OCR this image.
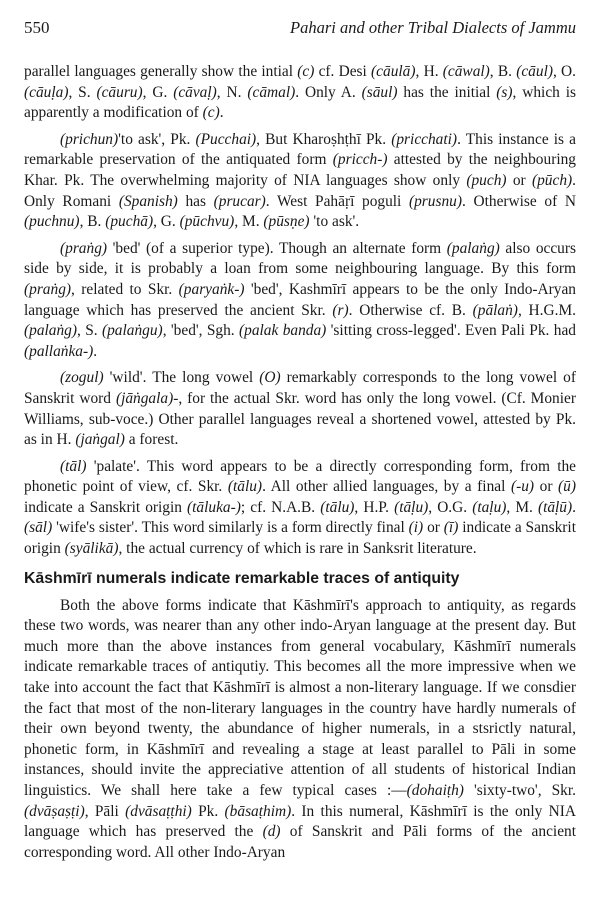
550	Pahari and other Tribal Dialects of Jammu

parallel languages generally show the intial (c) cf. Desi (cāulā), H. (cāwal), B. (cāul), O. (cāuḷa), S. (cāuru), G. (cāvaḷ), N. (cāmal). Only A. (sāul) has the initial (s), which is apparently a modification of (c).

(prichun)'to ask', Pk. (Pucchai), But Kharoṣhṭhī Pk. (pricchati). This instance is a remarkable preservation of the antiquated form (pricch-) attested by the neighbouring Khar. Pk. The overwhelming majority of NIA languages show only (puch) or (pūch). Only Romani (Spanish) has (prucar). West Pahāṛī poguli (prusnu). Otherwise of N (puchnu), B. (puchā), G. (pūchvu), M. (pūsṇe) 'to ask'.

(praṅg) 'bed' (of a superior type). Though an alternate form (palaṅg) also occurs side by side, it is probably a loan from some neighbouring language. By this form (praṅg), related to Skr. (paryaṅk-) 'bed', Kashmīrī appears to be the only Indo-Aryan language which has preserved the ancient Skr. (r). Otherwise cf. B. (pālaṅ), H.G.M. (palaṅg), S. (palaṅgu), 'bed', Sgh. (palak banda) 'sitting cross-legged'. Even Pali Pk. had (pallaṅka-).

(zogul) 'wild'. The long vowel (O) remarkably corresponds to the long vowel of Sanskrit word (jāṅgala)-, for the actual Skr. word has only the long vowel. (Cf. Monier Williams, sub-voce.) Other parallel languages reveal a shortened vowel, attested by Pk. as in H. (jaṅgal) a forest.

(tāl) 'palate'. This word appears to be a directly corresponding form, from the phonetic point of view, cf. Skr. (tālu). All other allied languages, by a final (-u) or (ū) indicate a Sanskrit origin (tāluka-); cf. N.A.B. (tālu), H.P. (tāḷu), O.G. (taḷu), M. (tāḷū). (sāl) 'wife's sister'. This word similarly is a form directly final (i) or (ī) indicate a Sanskrit origin (syālikā), the actual currency of which is rare in Sanksrit literature.

Kāshmīrī numerals indicate remarkable traces of antiquity

Both the above forms indicate that Kāshmīrī's approach to antiquity, as regards these two words, was nearer than any other indo-Aryan language at the present day. But much more than the above instances from general vocabulary, Kāshmīrī numerals indicate remarkable traces of antiqutiy. This becomes all the more impressive when we take into account the fact that Kāshmīrī is almost a non-literary language. If we consdier the fact that most of the non-literary languages in the country have hardly numerals of their own beyond twenty, the abundance of higher numerals, in a stsrictly natural, phonetic form, in Kāshmīrī and revealing a stage at least parallel to Pāli in some instances, should invite the appreciative attention of all students of historical Indian linguistics. We shall here take a few typical cases :—(dohaiṭh) 'sixty-two', Skr. (dvāṣaṣṭi), Pāli (dvāsaṭṭhi) Pk. (bāsaṭhim). In this numeral, Kāshmīrī is the only NIA language which has preserved the (d) of Sanskrit and Pāli forms of the ancient corresponding word. All other Indo-Aryan
